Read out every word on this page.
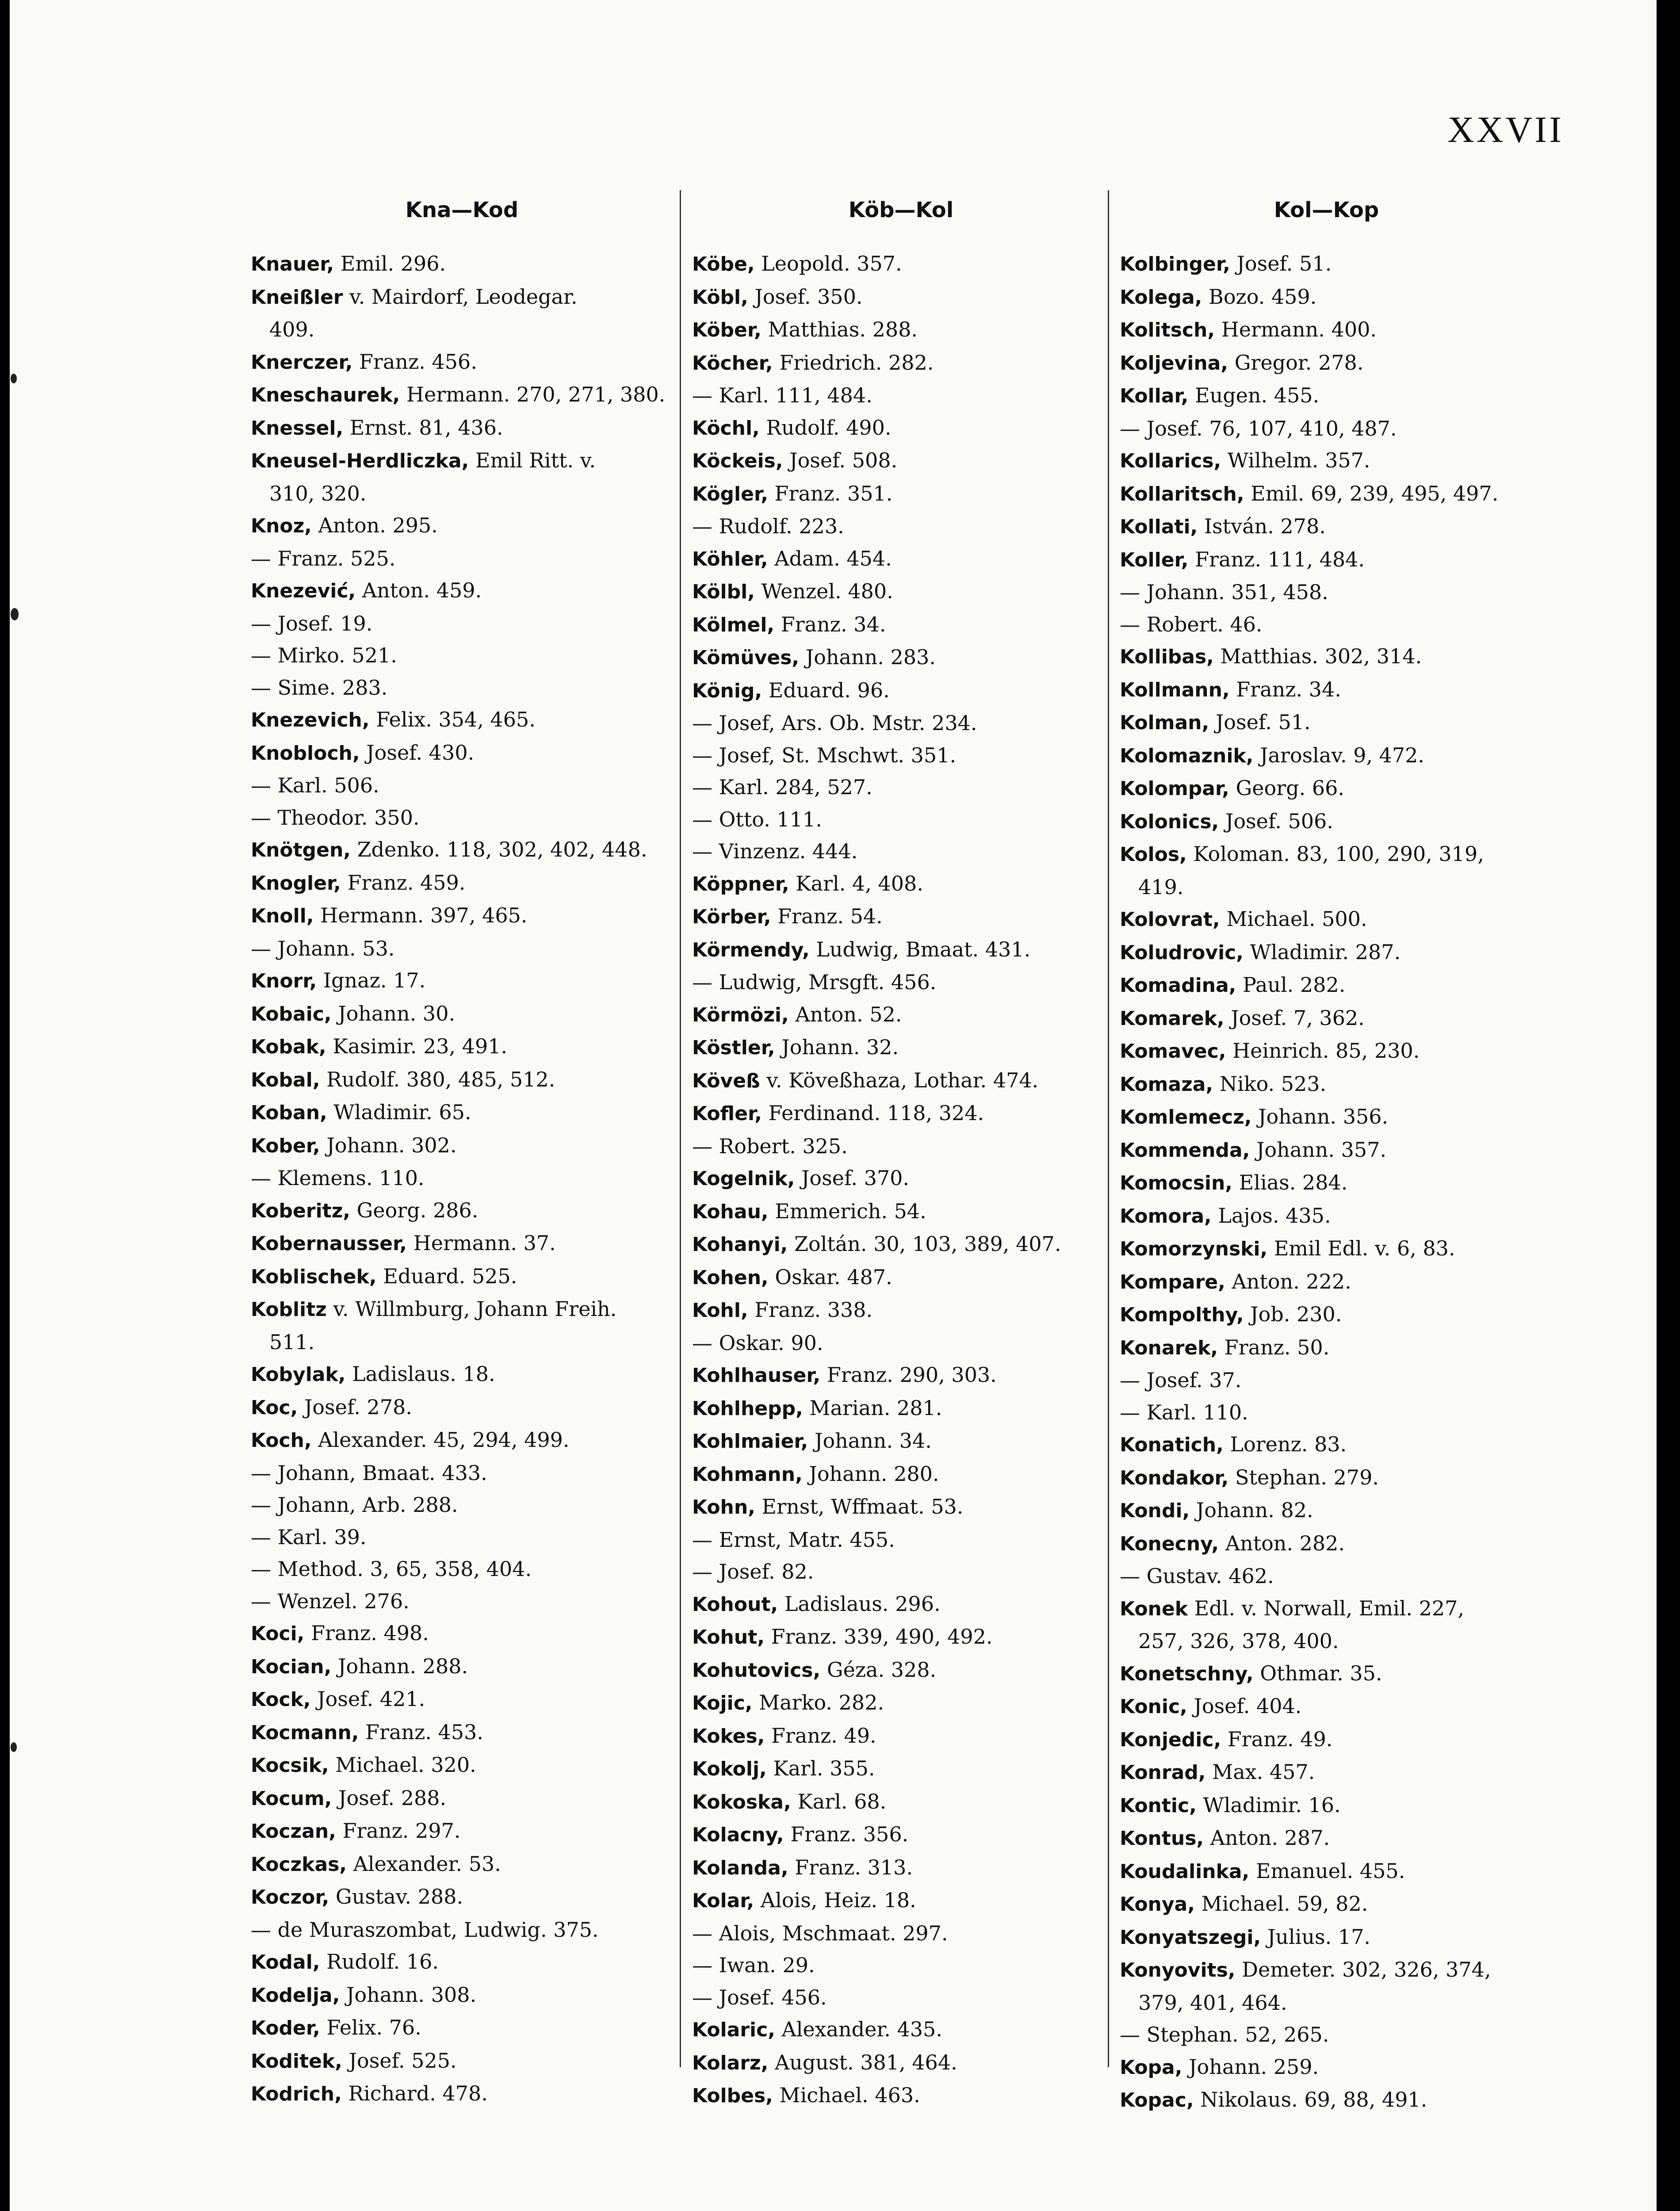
XXVII
Kna—Kod
Knauer, Emil. 296.
Kneißler v. Mairdorf, Leodegar.
409.
Knerczer, Franz. 456.
Kneschaurek, Hermann. 270, 271, 380.
Knessel, Ernst. 81, 436.
Kneusel-Herdliczka, Emil Ritt. v.
310, 320.
Knoz, Anton. 295.
— Franz. 525.
Knezević, Anton. 459.
— Josef. 19.
— Mirko. 521.
— Sime. 283.
Knezevich, Felix. 354, 465.
Knobloch, Josef. 430.
— Karl. 506.
— Theodor. 350.
Knötgen, Zdenko. 118, 302, 402, 448.
Knogler, Franz. 459.
Knoll, Hermann. 397, 465.
— Johann. 53.
Knorr, Ignaz. 17.
Kobaic, Johann. 30.
Kobak, Kasimir. 23, 491.
Kobal, Rudolf. 380, 485, 512.
Koban, Wladimir. 65.
Kober, Johann. 302.
— Klemens. 110.
Koberitz, Georg. 286.
Kobernausser, Hermann. 37.
Koblischek, Eduard. 525.
Koblitz v. Willmburg, Johann Freih.
511.
Kobylak, Ladislaus. 18.
Koc, Josef. 278.
Koch, Alexander. 45, 294, 499.
— Johann, Bmaat. 433.
— Johann, Arb. 288.
— Karl. 39.
— Method. 3, 65, 358, 404.
— Wenzel. 276.
Koci, Franz. 498.
Kocian, Johann. 288.
Kock, Josef. 421.
Kocmann, Franz. 453.
Kocsik, Michael. 320.
Kocum, Josef. 288.
Koczan, Franz. 297.
Koczkas, Alexander. 53.
Koczor, Gustav. 288.
— de Muraszombat, Ludwig. 375.
Kodal, Rudolf. 16.
Kodelja, Johann. 308.
Koder, Felix. 76.
Koditek, Josef. 525.
Kodrich, Richard. 478.
Köb—Kol
Köbe, Leopold. 357.
Köbl, Josef. 350.
Köber, Matthias. 288.
Köcher, Friedrich. 282.
— Karl. 111, 484.
Köchl, Rudolf. 490.
Köckeis, Josef. 508.
Kögler, Franz. 351.
— Rudolf. 223.
Köhler, Adam. 454.
Kölbl, Wenzel. 480.
Kölmel, Franz. 34.
Kömüves, Johann. 283.
König, Eduard. 96.
— Josef, Ars. Ob. Mstr. 234.
— Josef, St. Mschwt. 351.
— Karl. 284, 527.
— Otto. 111.
— Vinzenz. 444.
Köppner, Karl. 4, 408.
Körber, Franz. 54.
Körmendy, Ludwig, Bmaat. 431.
— Ludwig, Mrsgft. 456.
Körmözi, Anton. 52.
Köstler, Johann. 32.
Köveß v. Köveßhaza, Lothar. 474.
Kofler, Ferdinand. 118, 324.
— Robert. 325.
Kogelnik, Josef. 370.
Kohau, Emmerich. 54.
Kohanyi, Zoltán. 30, 103, 389, 407.
Kohen, Oskar. 487.
Kohl, Franz. 338.
— Oskar. 90.
Kohlhauser, Franz. 290, 303.
Kohlhepp, Marian. 281.
Kohlmaier, Johann. 34.
Kohmann, Johann. 280.
Kohn, Ernst, Wffmaat. 53.
— Ernst, Matr. 455.
— Josef. 82.
Kohout, Ladislaus. 296.
Kohut, Franz. 339, 490, 492.
Kohutovics, Géza. 328.
Kojic, Marko. 282.
Kokes, Franz. 49.
Kokolj, Karl. 355.
Kokoska, Karl. 68.
Kolacny, Franz. 356.
Kolanda, Franz. 313.
Kolar, Alois, Heiz. 18.
— Alois, Mschmaat. 297.
— Iwan. 29.
— Josef. 456.
Kolaric, Alexander. 435.
Kolarz, August. 381, 464.
Kolbes, Michael. 463.
Kol—Kop
Kolbinger, Josef. 51.
Kolega, Bozo. 459.
Kolitsch, Hermann. 400.
Koljevina, Gregor. 278.
Kollar, Eugen. 455.
— Josef. 76, 107, 410, 487.
Kollarics, Wilhelm. 357.
Kollaritsch, Emil. 69, 239, 495, 497.
Kollati, István. 278.
Koller, Franz. 111, 484.
— Johann. 351, 458.
— Robert. 46.
Kollibas, Matthias. 302, 314.
Kollmann, Franz. 34.
Kolman, Josef. 51.
Kolomaznik, Jaroslav. 9, 472.
Kolompar, Georg. 66.
Kolonics, Josef. 506.
Kolos, Koloman. 83, 100, 290, 319,
419.
Kolovrat, Michael. 500.
Koludrovic, Wladimir. 287.
Komadina, Paul. 282.
Komarek, Josef. 7, 362.
Komavec, Heinrich. 85, 230.
Komaza, Niko. 523.
Komlemecz, Johann. 356.
Kommenda, Johann. 357.
Komocsin, Elias. 284.
Komora, Lajos. 435.
Komorzynski, Emil Edl. v. 6, 83.
Kompare, Anton. 222.
Kompolthy, Job. 230.
Konarek, Franz. 50.
— Josef. 37.
— Karl. 110.
Konatich, Lorenz. 83.
Kondakor, Stephan. 279.
Kondi, Johann. 82.
Konecny, Anton. 282.
— Gustav. 462.
Konek Edl. v. Norwall, Emil. 227,
257, 326, 378, 400.
Konetschny, Othmar. 35.
Konic, Josef. 404.
Konjedic, Franz. 49.
Konrad, Max. 457.
Kontic, Wladimir. 16.
Kontus, Anton. 287.
Koudalinka, Emanuel. 455.
Konya, Michael. 59, 82.
Konyatszegi, Julius. 17.
Konyovits, Demeter. 302, 326, 374,
379, 401, 464.
— Stephan. 52, 265.
Kopa, Johann. 259.
Kopac, Nikolaus. 69, 88, 491.
